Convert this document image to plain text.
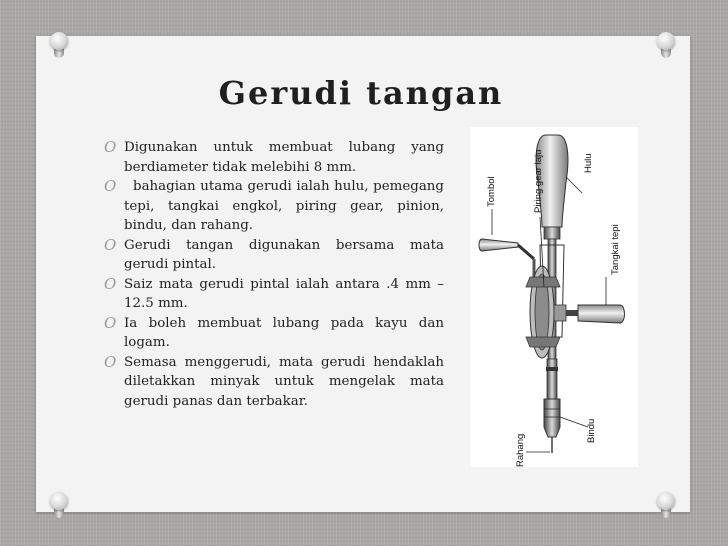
Gerudi tangan
O Digunakan untuk membuat lubang yang berdiameter tidak melebihi 8 mm.
O bahagian utama gerudi ialah hulu, pemegang tepi, tangkai engkol, piring gear, pinion, bindu, dan rahang.
O Gerudi tangan digunakan bersama mata gerudi pintal.
O Saiz mata gerudi pintal ialah antara .4 mm – 12.5 mm.
O Ia boleh membuat lubang pada kayu dan logam.
O Semasa menggerudi, mata gerudi hendaklah diletakkan minyak untuk mengelak mata gerudi panas dan terbakar.
Tombol	Piring gear laju	Hulu
Tangkai tepi
Bindu
Rahang
